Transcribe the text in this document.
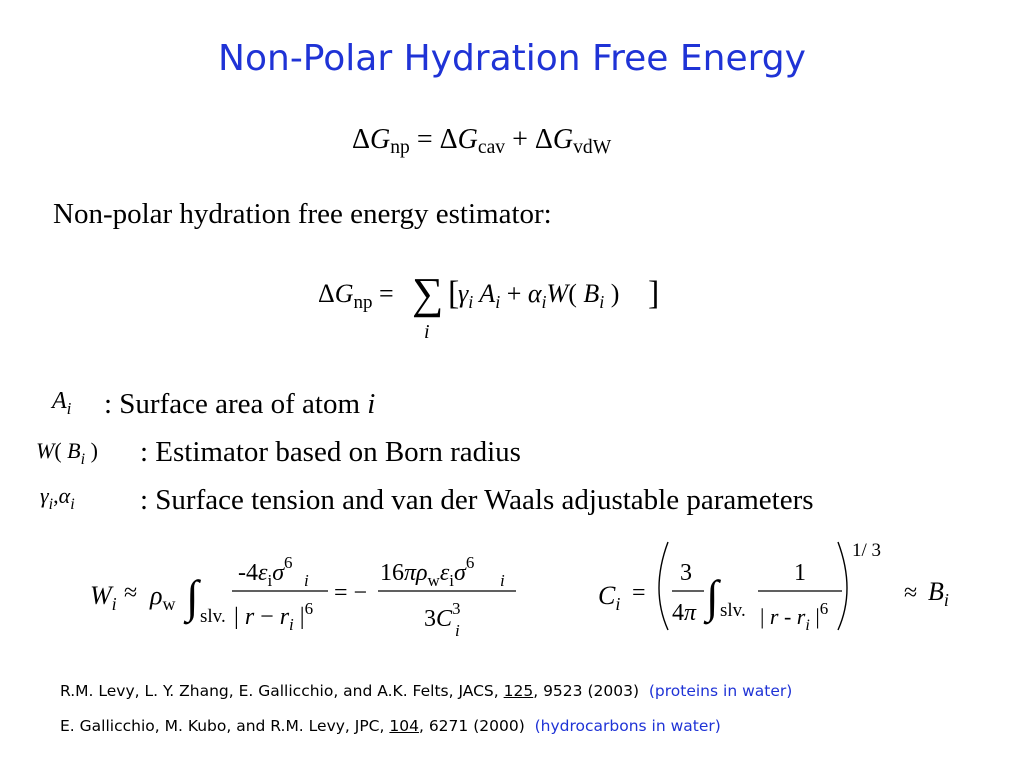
Non-Polar Hydration Free Energy
$\Delta G_{np} = \Delta G_{cav} + \Delta G_{vdW}$
Non-polar hydration free energy estimator:
$\Delta G_{np}$ = ∑
i
[
$\gamma_i$ $A_i + \alpha_iW$( $B_i$ ) ]
$A_i$
W( $B_i$ )
$\gamma_i,\alpha_i$
$W_i \approx \rho_w$ ∫ slv.
$-4\varepsilon_i\sigma^6$
i
| $r - r_i$ $|^6$
= −
$16\pi\rho_w\varepsilon_i\sigma^6$
i
$3C^3$
i
$C_i$ =
3
4π ∫ slv.
1
| r - $r_i$ $|^6$
1/ 3
≈ $B_i$
: Surface area of atom i
: Estimator based on Born radius
: Surface tension and van der Waals adjustable parameters
R.M. Levy, L. Y. Zhang, E. Gallicchio, and A.K. Felts, JACS, 125, 9523 (2003) (proteins in water)
E. Gallicchio, M. Kubo, and R.M. Levy, JPC, 104, 6271 (2000) (hydrocarbons in water)
